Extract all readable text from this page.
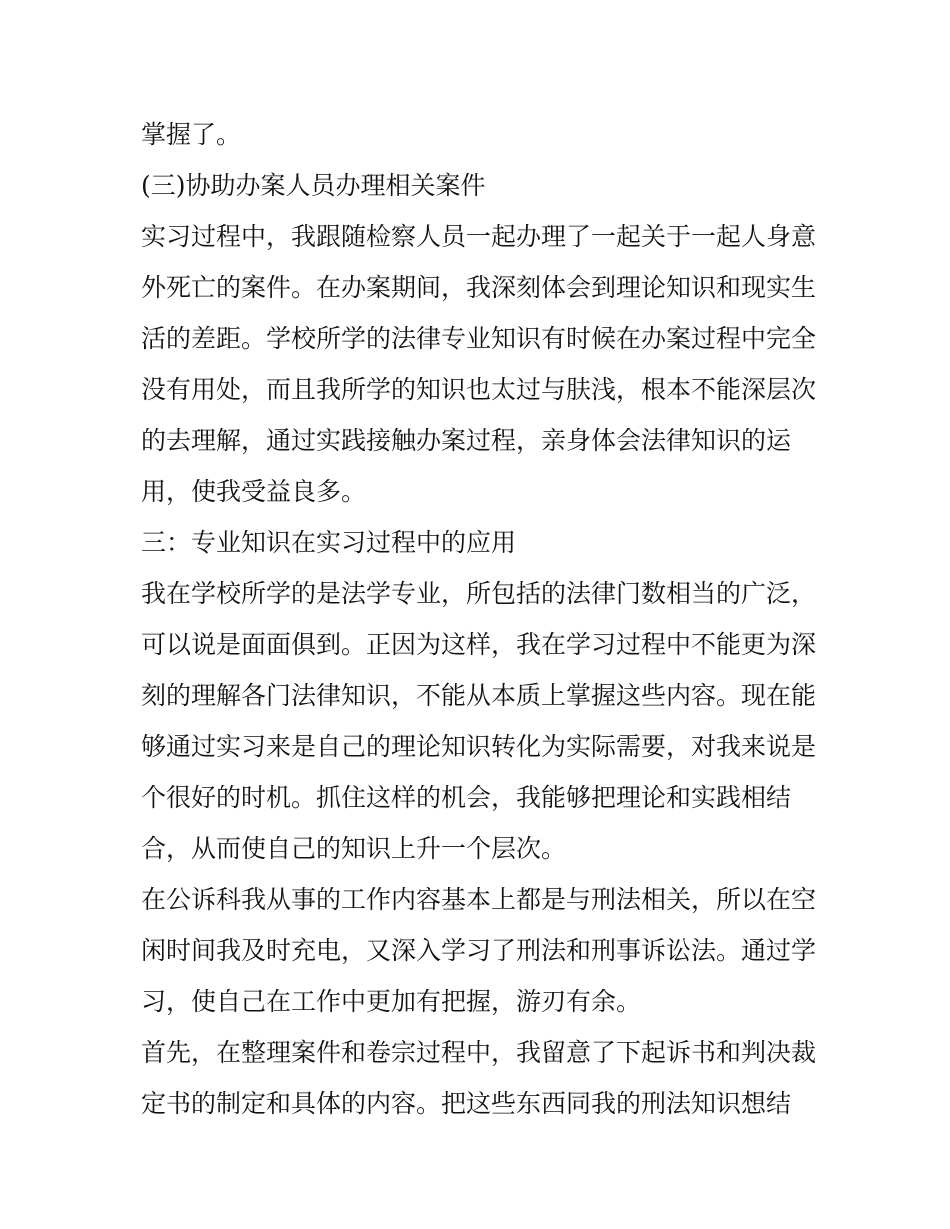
掌握了。
(三)协助办案人员办理相关案件
实习过程中，我跟随检察人员一起办理了一起关于一起人身意
外死亡的案件。在办案期间，我深刻体会到理论知识和现实生
活的差距。学校所学的法律专业知识有时候在办案过程中完全
没有用处，而且我所学的知识也太过与肤浅，根本不能深层次
的去理解，通过实践接触办案过程，亲身体会法律知识的运
用，使我受益良多。
三：专业知识在实习过程中的应用
我在学校所学的是法学专业，所包括的法律门数相当的广泛，
可以说是面面俱到。正因为这样，我在学习过程中不能更为深
刻的理解各门法律知识，不能从本质上掌握这些内容。现在能
够通过实习来是自己的理论知识转化为实际需要，对我来说是
个很好的时机。抓住这样的机会，我能够把理论和实践相结
合，从而使自己的知识上升一个层次。
在公诉科我从事的工作内容基本上都是与刑法相关，所以在空
闲时间我及时充电，又深入学习了刑法和刑事诉讼法。通过学
习，使自己在工作中更加有把握，游刃有余。
首先，在整理案件和卷宗过程中，我留意了下起诉书和判决裁
定书的制定和具体的内容。把这些东西同我的刑法知识想结
